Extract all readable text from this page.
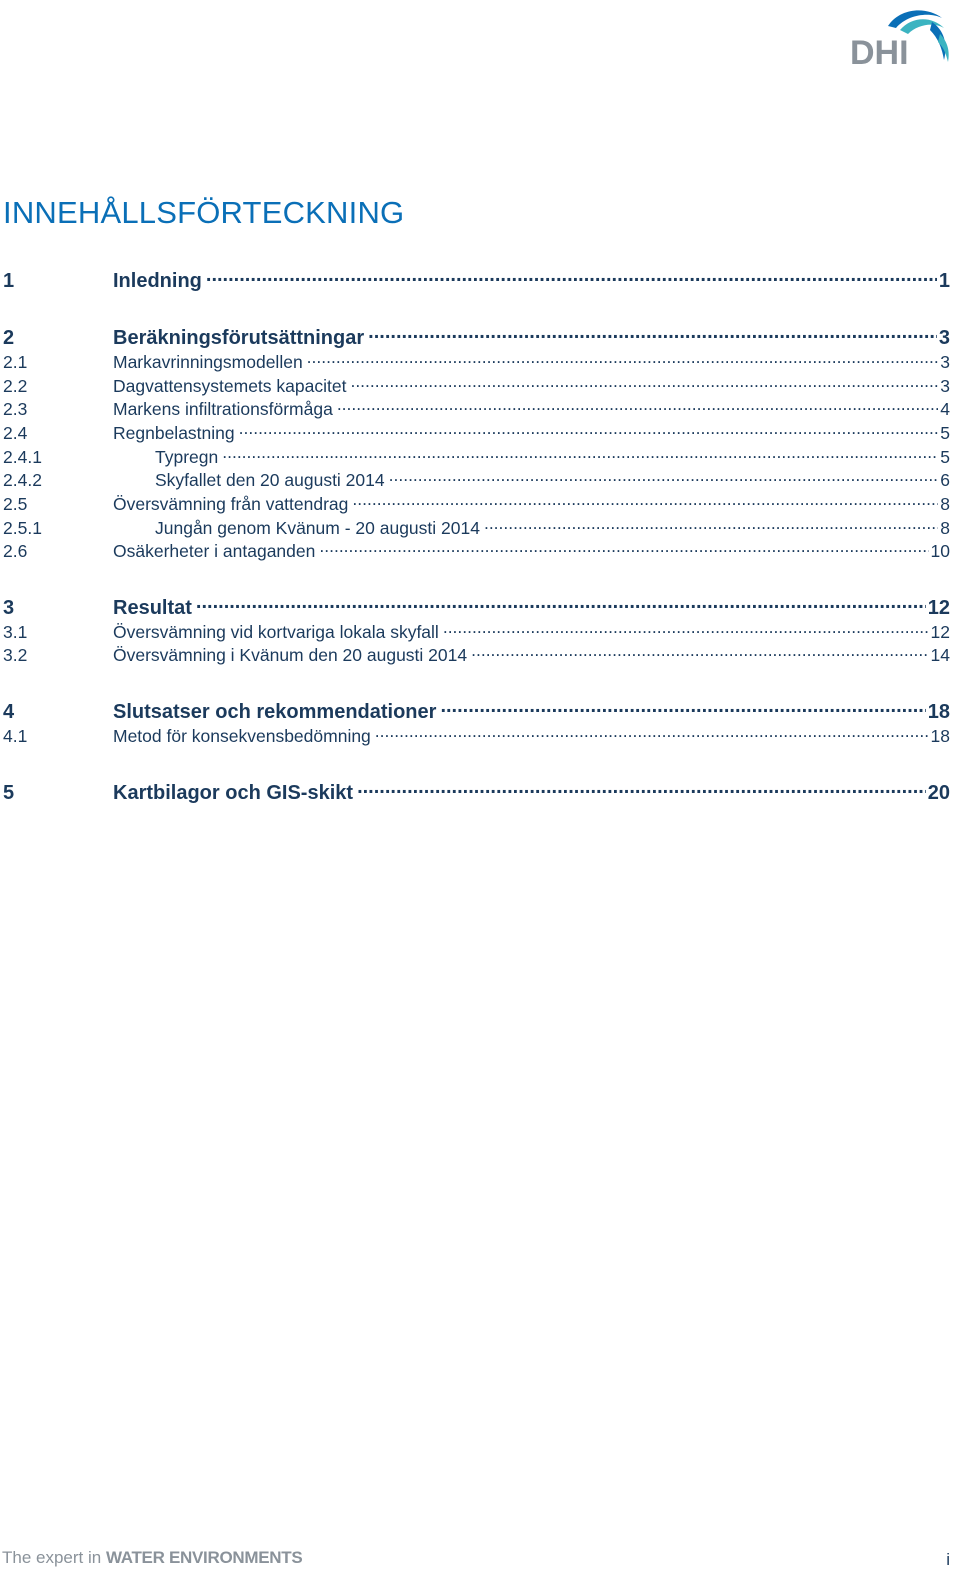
DHI
INNEHÅLLSFÖRTECKNING
1	Inledning .....	1
2	Beräkningsförutsättningar .....	3
2.1	Markavrinningsmodellen .....	3
2.2	Dagvattensystemets kapacitet .....	3
2.3	Markens infiltrationsförmåga .....	4
2.4	Regnbelastning .....	5
2.4.1	Typregn .....	5
2.4.2	Skyfallet den 20 augusti 2014 .....	6
2.5	Översvämning från vattendrag .....	8
2.5.1	Jungån genom Kvänum - 20 augusti 2014 .....	8
2.6	Osäkerheter i antaganden .....	10
3	Resultat .....	12
3.1	Översvämning vid kortvariga lokala skyfall .....	12
3.2	Översvämning i Kvänum den 20 augusti 2014 .....	14
4	Slutsatser och rekommendationer .....	18
4.1	Metod för konsekvensbedömning .....	18
5	Kartbilagor och GIS-skikt .....	20
The expert in WATER ENVIRONMENTS	i
